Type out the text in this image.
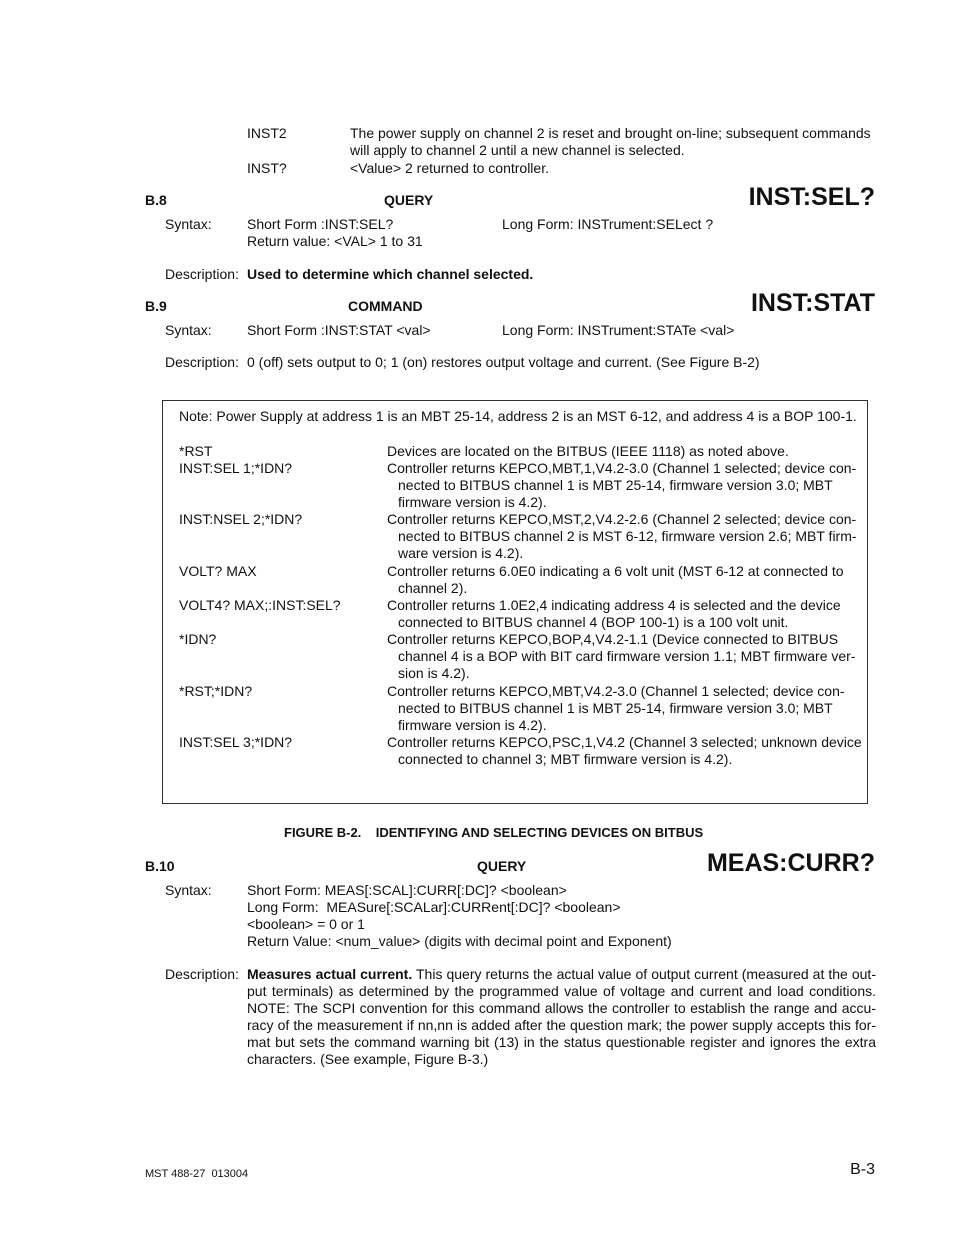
INST2	The power supply on channel 2 is reset and brought on-line; subsequent commands will apply to channel 2 until a new channel is selected.
INST?	<Value> 2 returned to controller.
B.8	QUERY	INST:SEL?
Syntax:	Short Form :INST:SEL?	Long Form: INSTrument:SELect ?
Return value: <VAL> 1 to 31
Description: Used to determine which channel selected.
B.9	COMMAND	INST:STAT
Syntax:	Short Form :INST:STAT <val>	Long Form: INSTrument:STATe <val>
Description: 0 (off) sets output to 0; 1 (on) restores output voltage and current. (See Figure B-2)
Note: Power Supply at address 1 is an MBT 25-14, address 2 is an MST 6-12, and address 4 is a BOP 100-1.
*RST	Devices are located on the BITBUS (IEEE 1118) as noted above.
INST:SEL 1;*IDN?	Controller returns KEPCO,MBT,1,V4.2-3.0 (Channel 1 selected; device con- nected to BITBUS channel 1 is MBT 25-14, firmware version 3.0; MBT firmware version is 4.2).
INST:NSEL 2;*IDN?	Controller returns KEPCO,MST,2,V4.2-2.6 (Channel 2 selected; device con- nected to BITBUS channel 2 is MST 6-12, firmware version 2.6; MBT firm- ware version is 4.2).
VOLT? MAX	Controller returns 6.0E0 indicating a 6 volt unit (MST 6-12 at connected to channel 2).
VOLT4? MAX;:INST:SEL?	Controller returns 1.0E2,4 indicating address 4 is selected and the device connected to BITBUS channel 4 (BOP 100-1) is a 100 volt unit.
*IDN?	Controller returns KEPCO,BOP,4,V4.2-1.1 (Device connected to BITBUS channel 4 is a BOP with BIT card firmware version 1.1; MBT firmware ver- sion is 4.2).
*RST;*IDN?	Controller returns KEPCO,MBT,V4.2-3.0 (Channel 1 selected; device con- nected to BITBUS channel 1 is MBT 25-14, firmware version 3.0; MBT firmware version is 4.2).
INST:SEL 3;*IDN?	Controller returns KEPCO,PSC,1,V4.2 (Channel 3 selected; unknown device connected to channel 3; MBT firmware version is 4.2).
FIGURE B-2.    IDENTIFYING AND SELECTING DEVICES ON BITBUS
B.10	QUERY	MEAS:CURR?
Syntax:	Short Form: MEAS[:SCAL]:CURR[:DC]? <boolean>
Long Form:  MEASure[:SCALar]:CURRent[:DC]? <boolean>
<boolean> = 0 or 1
Return Value: <num_value> (digits with decimal point and Exponent)
Description: Measures actual current. This query returns the actual value of output current (measured at the out- put terminals) as determined by the programmed value of voltage and current and load conditions. NOTE: The SCPI convention for this command allows the controller to establish the range and accu- racy of the measurement if nn,nn is added after the question mark; the power supply accepts this for- mat but sets the command warning bit (13) in the status questionable register and ignores the extra characters. (See example, Figure B-3.)
MST 488-27  013004	B-3
